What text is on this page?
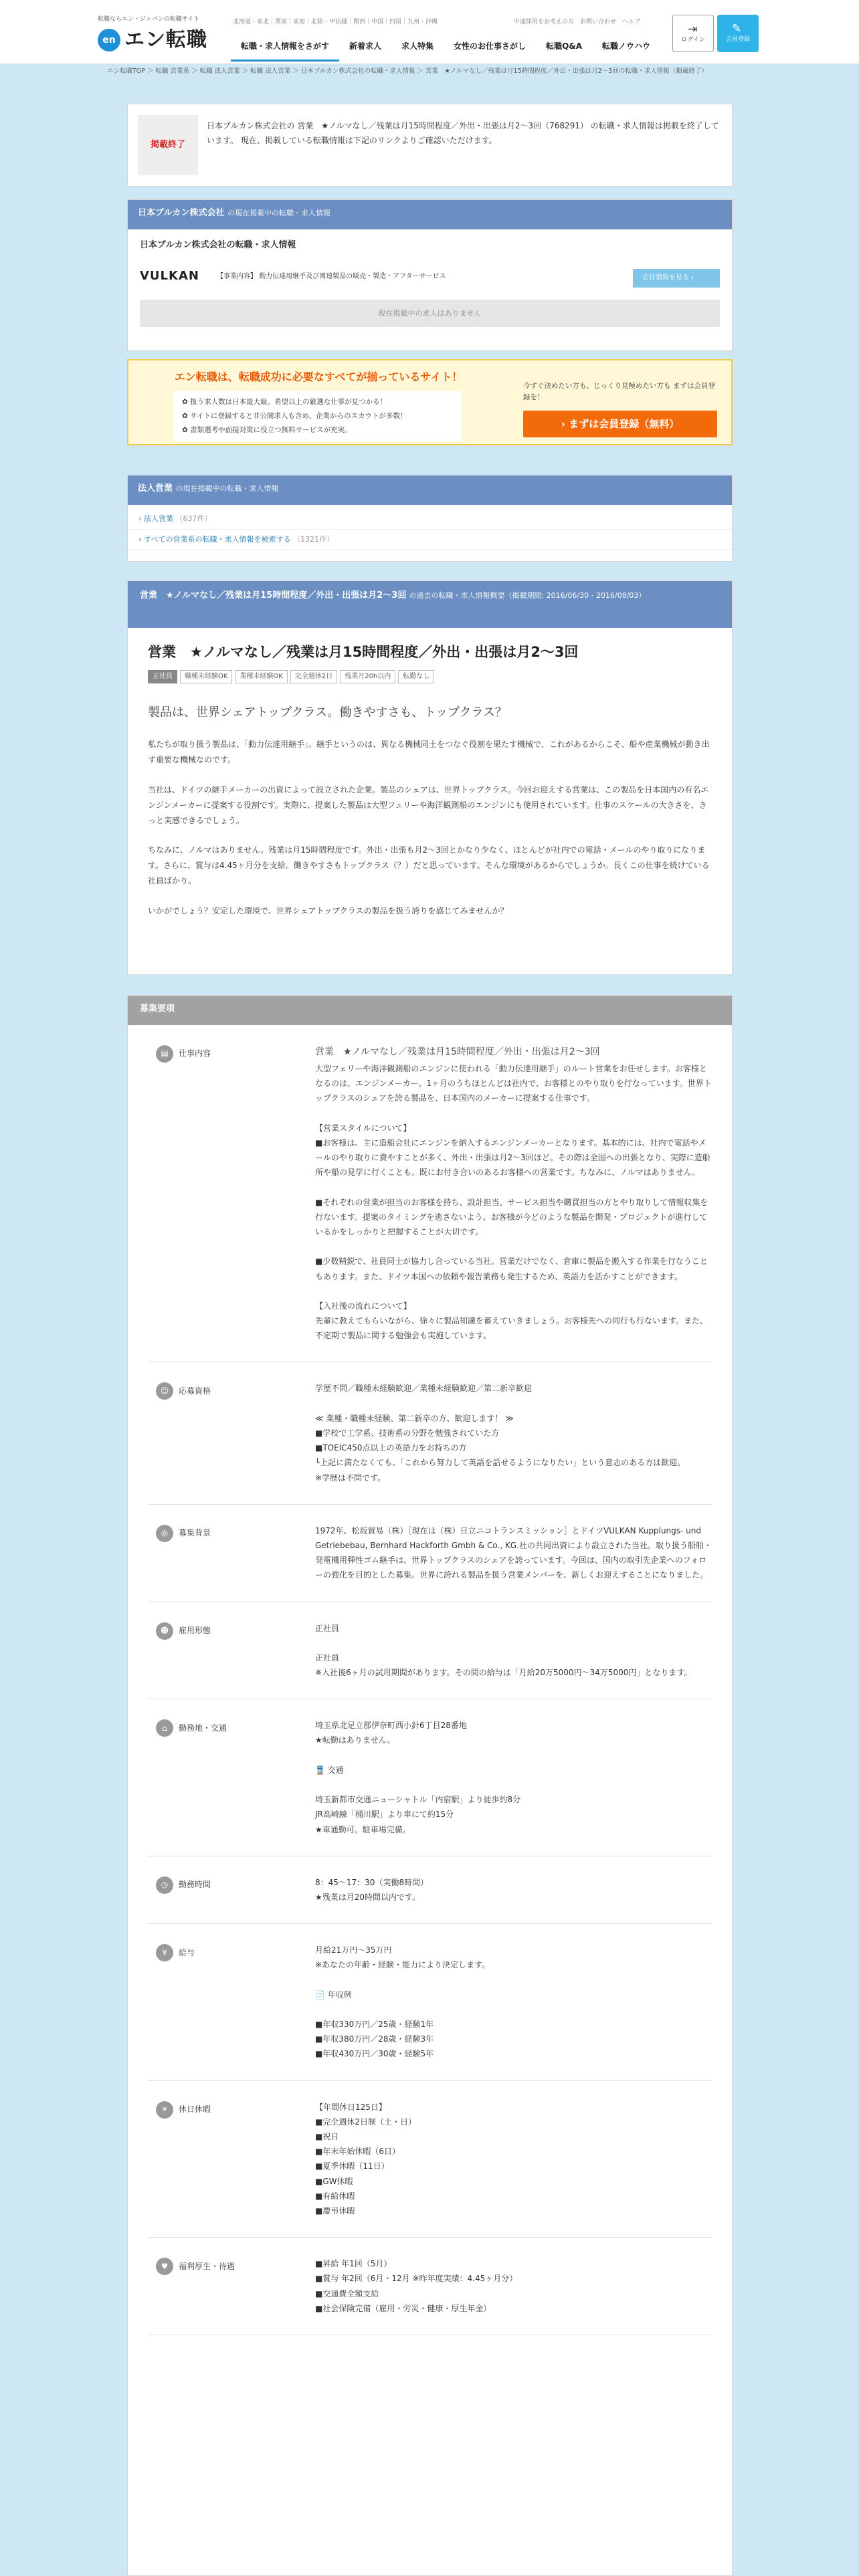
転職ならエン・ジャパンの転職サイト
en エン転職
北海道・東北｜関東｜東海｜北陸・甲信越｜関西｜中国｜四国｜九州・沖縄	中途採用をお考えの方　お問い合わせ　ヘルプ
転職・求人情報をさがす	新着求人	求人特集	女性のお仕事さがし	転職Q&A	転職ノウハウ
⇥
ログイン
✎
会員登録
エン転職TOP ＞ 転職 営業系 ＞ 転職 法人営業 ＞ 転職 法人営業 ＞ 日本ブルカン株式会社の転職・求人情報 ＞ 営業　★ノルマなし／残業は月15時間程度／外出・出張は月2～3回の転職・求人情報（掲載終了）
掲載終了
日本ブルカン株式会社の 営業　★ノルマなし／残業は月15時間程度／外出・出張は月2～3回（768291） の転職・求人情報は掲載を終了しています。 現在、掲載している転職情報は下記のリンクよりご確認いただけます。
日本ブルカン株式会社 の現在掲載中の転職・求人情報
日本ブルカン株式会社の転職・求人情報
VULKAN	【事業内容】 動力伝達用継手及び関連製品の販売・製造・アフターサービス	会社情報を見る ›
現在掲載中の求人はありません
エン転職は、転職成功に必要なすべてが揃っているサイト！
✿ 扱う求人数は日本最大級。希望以上の厳選な仕事が見つかる！
✿ サイトに登録すると非公開求人も含め、企業からのスカウトが多数！
✿ 書類選考や面接対策に役立つ無料サービスが充実。
今すぐ決めたい方も、じっくり見極めたい方も まずは会員登録を！
› まずは会員登録（無料）
法人営業 の現在掲載中の転職・求人情報
› 法人営業 （637件）
› すべての営業系の転職・求人情報を検索する （1321件）
営業　★ノルマなし／残業は月15時間程度／外出・出張は月2～3回 の過去の転職・求人情報概要（掲載期間: 2016/06/30 - 2016/08/03）
営業　★ノルマなし／残業は月15時間程度／外出・出張は月2～3回
正社員 職種未経験OK 業種未経験OK 完全週休2日 残業月20h以内 転勤なし
製品は、世界シェアトップクラス。働きやすさも、トップクラス？
私たちが取り扱う製品は、「動力伝達用継手」。継手というのは、異なる機械同士をつなぐ役割を果たす機械で、これがあるからこそ、船や産業機械が動き出す重要な機械なのです。
当社は、ドイツの継手メーカーの出資によって設立された企業。製品のシェアは、世界トップクラス。今回お迎えする営業は、この製品を日本国内の有名エンジンメーカーに提案する役割です。実際に、提案した製品は大型フェリーや海洋観測船のエンジンにも使用されています。仕事のスケールの大きさを、きっと実感できるでしょう。
ちなみに、ノルマはありません。残業は月15時間程度です。外出・出張も月2～3回とかなり少なく、ほとんどが社内での電話・メールのやり取りになります。さらに、賞与は4.45ヶ月分を支給。働きやすさもトップクラス（？）だと思っています。そんな環境があるからでしょうか。長くこの仕事を続けている社員ばかり。
いかがでしょう？安定した環境で、世界シェアトップクラスの製品を扱う誇りを感じてみませんか？
募集要項
▤	仕事内容	営業　★ノルマなし／残業は月15時間程度／外出・出張は月2～3回
大型フェリーや海洋観測船のエンジンに使われる「動力伝達用継手」のルート営業をお任せします。お客様となるのは、エンジンメーカー。1ヶ月のうちほとんどは社内で、お客様とのやり取りを行なっています。世界トップクラスのシェアを誇る製品を、日本国内のメーカーに提案する仕事です。

【営業スタイルについて】
■お客様は、主に造船会社にエンジンを納入するエンジンメーカーとなります。基本的には、社内で電話やメールのやり取りに費やすことが多く、外出・出張は月2～3回ほど。その際は全国への出張となり、実際に造船所や船の見学に行くことも。既にお付き合いのあるお客様への営業です。ちなみに、ノルマはありません。

■それぞれの営業が担当のお客様を持ち、設計担当、サービス担当や購買担当の方とやり取りして情報収集を行ないます。提案のタイミングを逃さないよう、お客様が今どのような製品を開発・プロジェクトが進行しているかをしっかりと把握することが大切です。

■少数精鋭で、社員同士が協力し合っている当社。営業だけでなく、倉庫に製品を搬入する作業を行なうこともあります。また、ドイツ本国への依頼や報告業務も発生するため、英語力を活かすことができます。

【入社後の流れについて】
先輩に教えてもらいながら、徐々に製品知識を蓄えていきましょう。お客様先への同行も行ないます。また、不定期で製品に関する勉強会も実施しています。
☺	応募資格	学歴不問／職種未経験歓迎／業種未経験歓迎／第二新卒歓迎

≪ 業種・職種未経験、第二新卒の方、歓迎します！ ≫
■学校で工学系、技術系の分野を勉強されていた方
■TOEIC450点以上の英語力をお持ちの方
└上記に満たなくても、「これから努力して英語を話せるようになりたい」という意志のある方は歓迎。
※学歴は不問です。
◎	募集背景	1972年、松坂貿易（株）［現在は（株）日立ニコトランスミッション］とドイツVULKAN Kupplungs- und Getriebebau, Bernhard Hackforth Gmbh & Co., KG.社の共同出資により設立された当社。取り扱う船舶・発電機用弾性ゴム継手は、世界トップクラスのシェアを誇っています。今回は、国内の取引先企業へのフォローの強化を目的とした募集。世界に誇れる製品を扱う営業メンバーを、新しくお迎えすることになりました。
☻	雇用形態	正社員

正社員
※入社後6ヶ月の試用期間があります。その間の給与は「月給20万5000円～34万5000円」となります。
⌂	勤務地・交通	埼玉県北足立郡伊奈町西小針6丁目28番地
★転勤はありません。

🚆 交通

埼玉新都市交通ニューシャトル「内宿駅」より徒歩約8分
JR高崎線「桶川駅」より車にて約15分
★車通勤可。駐車場完備。
◷	勤務時間	8：45～17：30（実働8時間）
★残業は月20時間以内です。
¥	給与	月給21万円～35万円
※あなたの年齢・経験・能力により決定します。

📄 年収例

■年収330万円／25歳・経験1年
■年収380万円／28歳・経験3年
■年収430万円／30歳・経験5年
☀	休日休暇	【年間休日125日】
■完全週休2日制（土・日）
■祝日
■年末年始休暇（6日）
■夏季休暇（11日）
■GW休暇
■有給休暇
■慶弔休暇
♥	福利厚生・待遇	■昇給 年1回（5月）
■賞与 年2回（6月・12月 ※昨年度実績：4.45ヶ月分）
■交通費全額支給
■社会保険完備（雇用・労災・健康・厚生年金）
